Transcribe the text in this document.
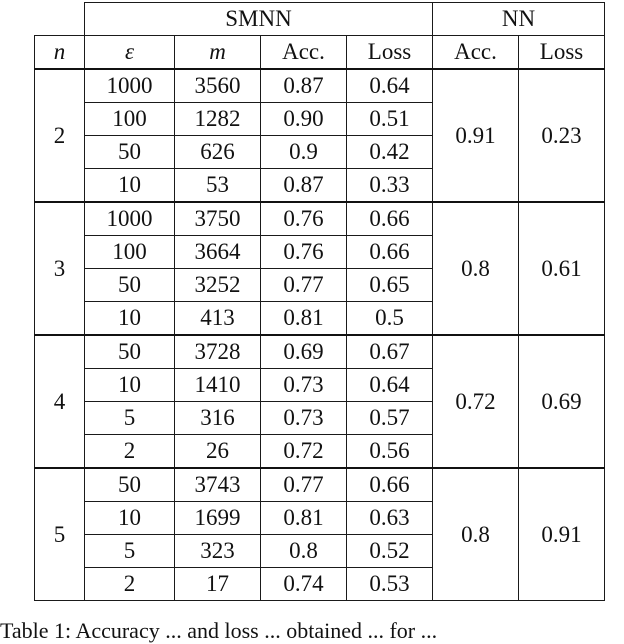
	SMNN				NN	
n	ε	m	Acc.	Loss	Acc.	Loss
2	1000	3560	0.87	0.64	0.91	0.23
	100	1282	0.90	0.51		
	50	626	0.9	0.42		
	10	53	0.87	0.33		
3	1000	3750	0.76	0.66	0.8	0.61
	100	3664	0.76	0.66		
	50	3252	0.77	0.65		
	10	413	0.81	0.5		
4	50	3728	0.69	0.67	0.72	0.69
	10	1410	0.73	0.64		
	5	316	0.73	0.57		
	2	26	0.72	0.56		
5	50	3743	0.77	0.66	0.8	0.91
	10	1699	0.81	0.63		
	5	323	0.8	0.52		
	2	17	0.74	0.53		
Table 1: Accuracy ... and loss ... obtained ... for ...
